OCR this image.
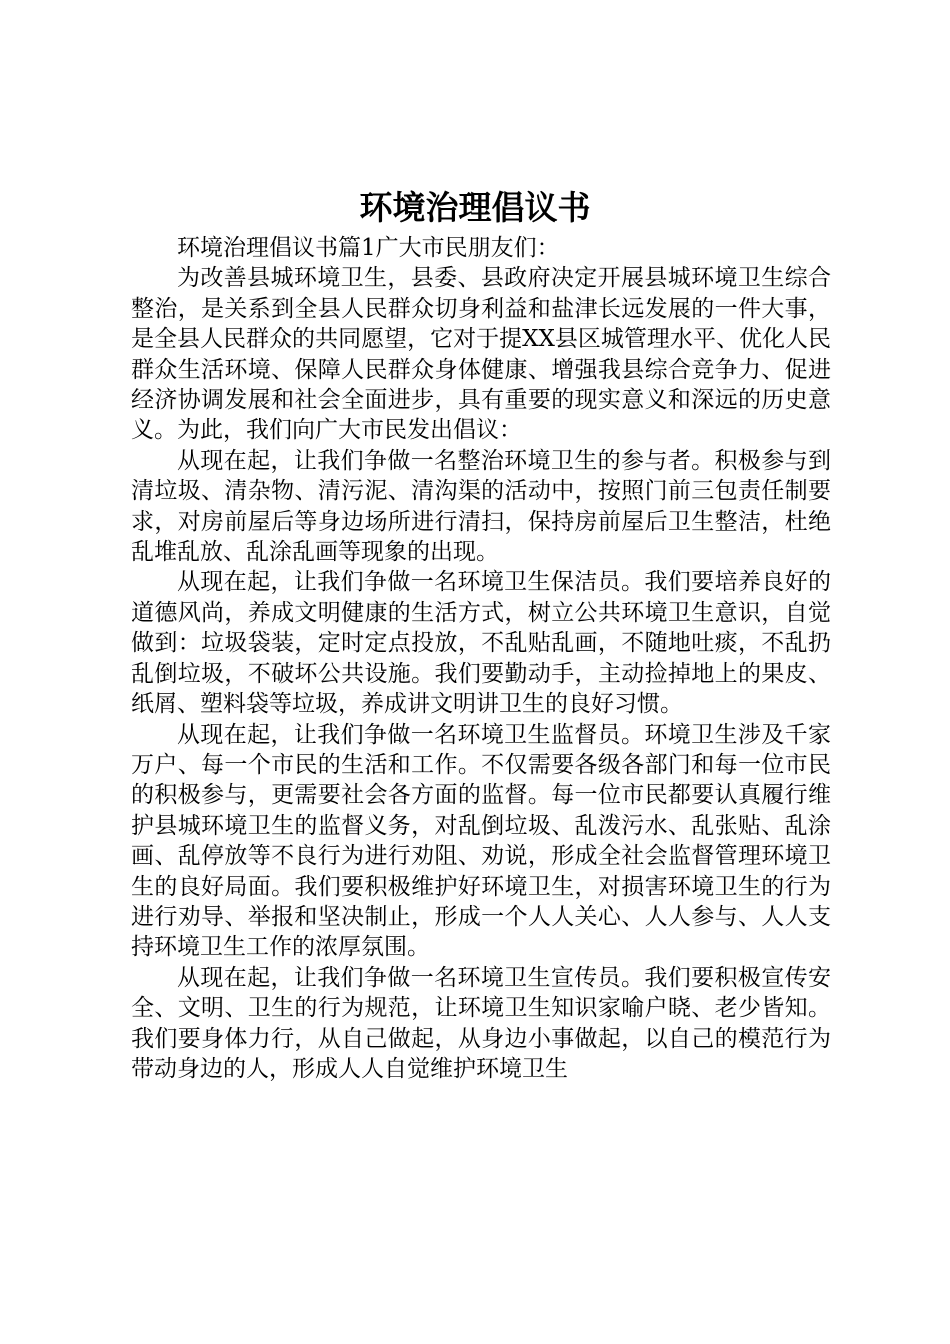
环境治理倡议书

环境治理倡议书篇1广大市民朋友们：

为改善县城环境卫生，县委、县政府决定开展县城环境卫生综合整治，是关系到全县人民群众切身利益和盐津长远发展的一件大事，是全县人民群众的共同愿望，它对于提XX县区城管理水平、优化人民群众生活环境、保障人民群众身体健康、增强我县综合竞争力、促进经济协调发展和社会全面进步，具有重要的现实意义和深远的历史意义。为此，我们向广大市民发出倡议：

从现在起，让我们争做一名整治环境卫生的参与者。积极参与到清垃圾、清杂物、清污泥、清沟渠的活动中，按照门前三包责任制要求，对房前屋后等身边场所进行清扫，保持房前屋后卫生整洁，杜绝乱堆乱放、乱涂乱画等现象的出现。

从现在起，让我们争做一名环境卫生保洁员。我们要培养良好的道德风尚，养成文明健康的生活方式，树立公共环境卫生意识，自觉做到：垃圾袋装，定时定点投放，不乱贴乱画，不随地吐痰，不乱扔乱倒垃圾，不破坏公共设施。我们要勤动手，主动捡掉地上的果皮、纸屑、塑料袋等垃圾，养成讲文明讲卫生的良好习惯。

从现在起，让我们争做一名环境卫生监督员。环境卫生涉及千家万户、每一个市民的生活和工作。不仅需要各级各部门和每一位市民的积极参与，更需要社会各方面的监督。每一位市民都要认真履行维护县城环境卫生的监督义务，对乱倒垃圾、乱泼污水、乱张贴、乱涂画、乱停放等不良行为进行劝阻、劝说，形成全社会监督管理环境卫生的良好局面。我们要积极维护好环境卫生，对损害环境卫生的行为进行劝导、举报和坚决制止，形成一个人人关心、人人参与、人人支持环境卫生工作的浓厚氛围。

从现在起，让我们争做一名环境卫生宣传员。我们要积极宣传安全、文明、卫生的行为规范，让环境卫生知识家喻户晓、老少皆知。我们要身体力行，从自己做起，从身边小事做起，以自己的模范行为带动身边的人，形成人人自觉维护环境卫生
